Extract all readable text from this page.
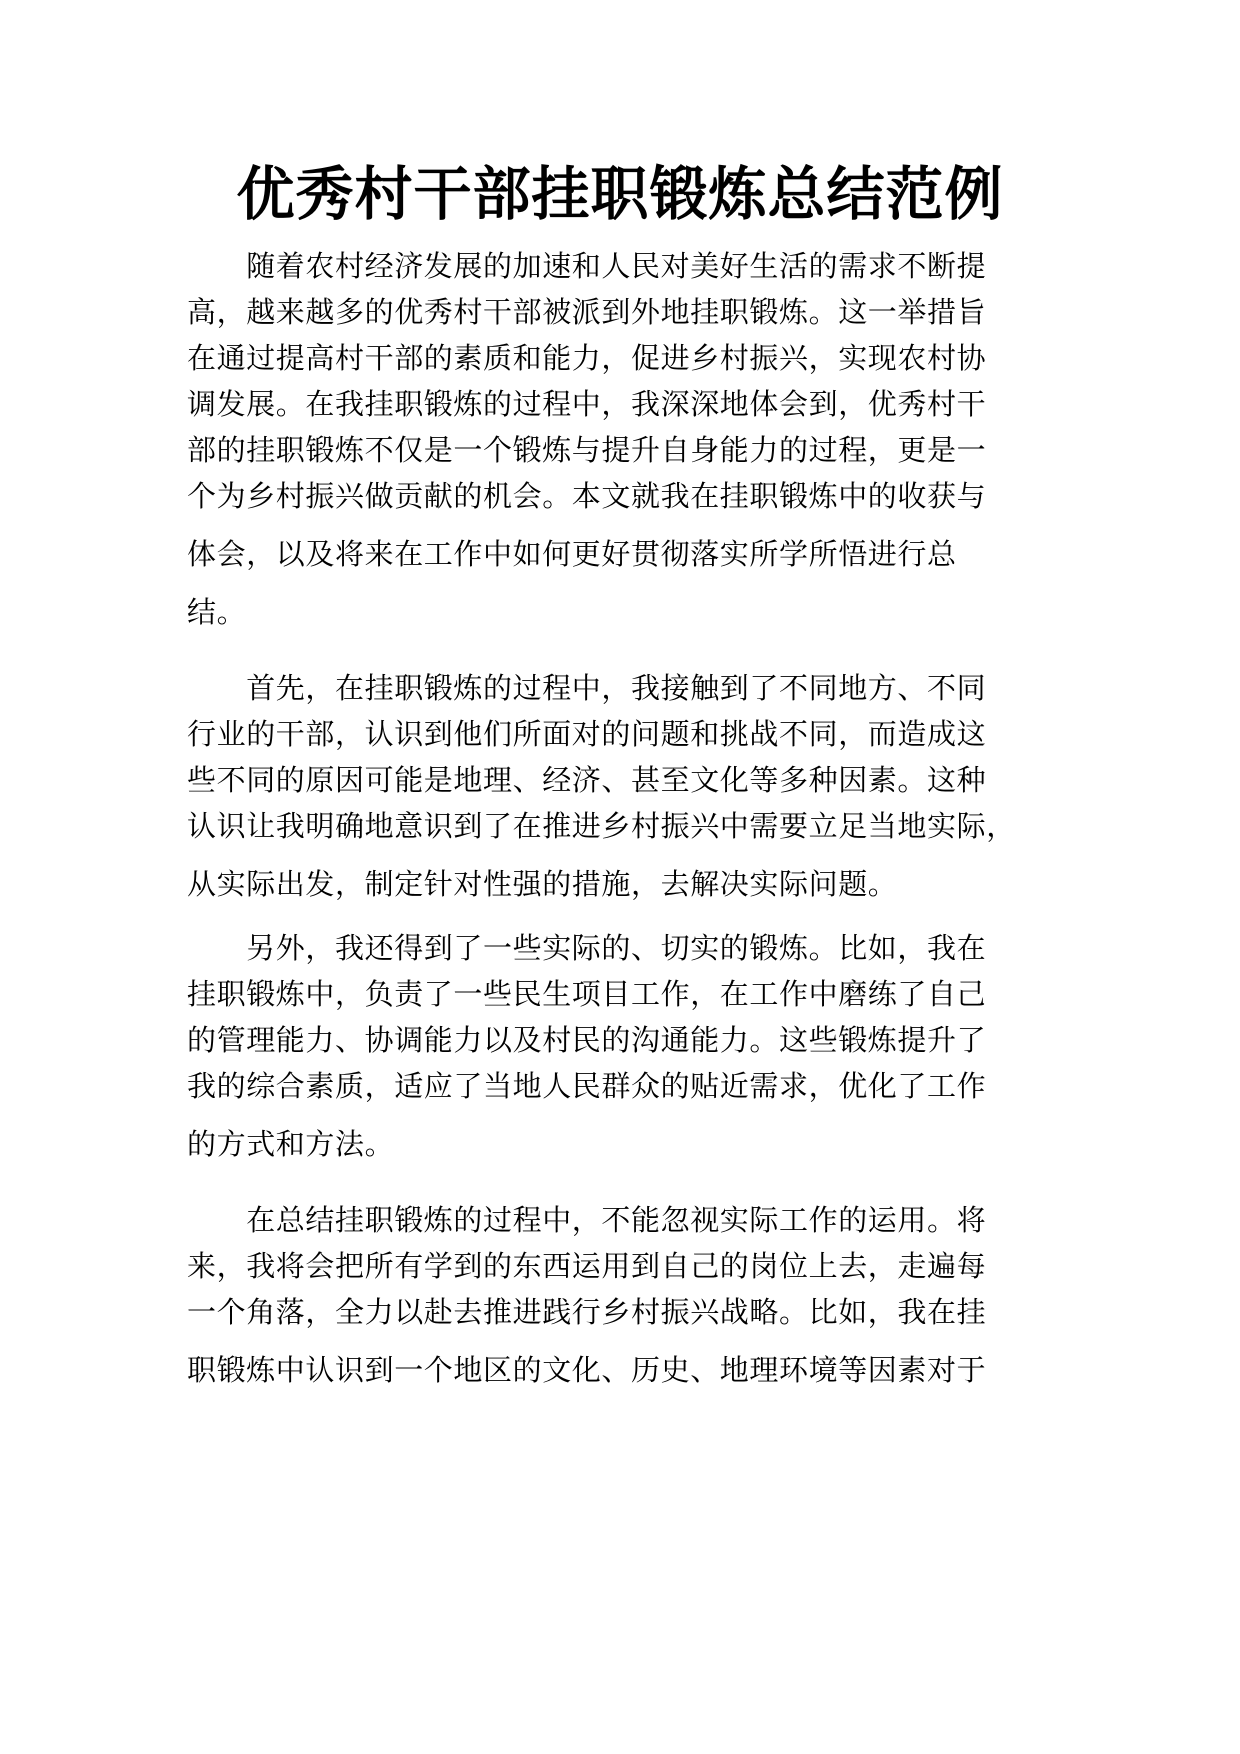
优秀村干部挂职锻炼总结范例

　　随着农村经济发展的加速和人民对美好生活的需求不断提
高，越来越多的优秀村干部被派到外地挂职锻炼。这一举措旨
在通过提高村干部的素质和能力，促进乡村振兴，实现农村协
调发展。在我挂职锻炼的过程中，我深深地体会到，优秀村干
部的挂职锻炼不仅是一个锻炼与提升自身能力的过程，更是一
个为乡村振兴做贡献的机会。本文就我在挂职锻炼中的收获与
体会，以及将来在工作中如何更好贯彻落实所学所悟进行总
结。

　　首先，在挂职锻炼的过程中，我接触到了不同地方、不同
行业的干部，认识到他们所面对的问题和挑战不同，而造成这
些不同的原因可能是地理、经济、甚至文化等多种因素。这种
认识让我明确地意识到了在推进乡村振兴中需要立足当地实际，
从实际出发，制定针对性强的措施，去解决实际问题。

　　另外，我还得到了一些实际的、切实的锻炼。比如，我在
挂职锻炼中，负责了一些民生项目工作，在工作中磨练了自己
的管理能力、协调能力以及村民的沟通能力。这些锻炼提升了
我的综合素质，适应了当地人民群众的贴近需求，优化了工作
的方式和方法。

　　在总结挂职锻炼的过程中，不能忽视实际工作的运用。将
来，我将会把所有学到的东西运用到自己的岗位上去，走遍每
一个角落，全力以赴去推进践行乡村振兴战略。比如，我在挂
职锻炼中认识到一个地区的文化、历史、地理环境等因素对于
